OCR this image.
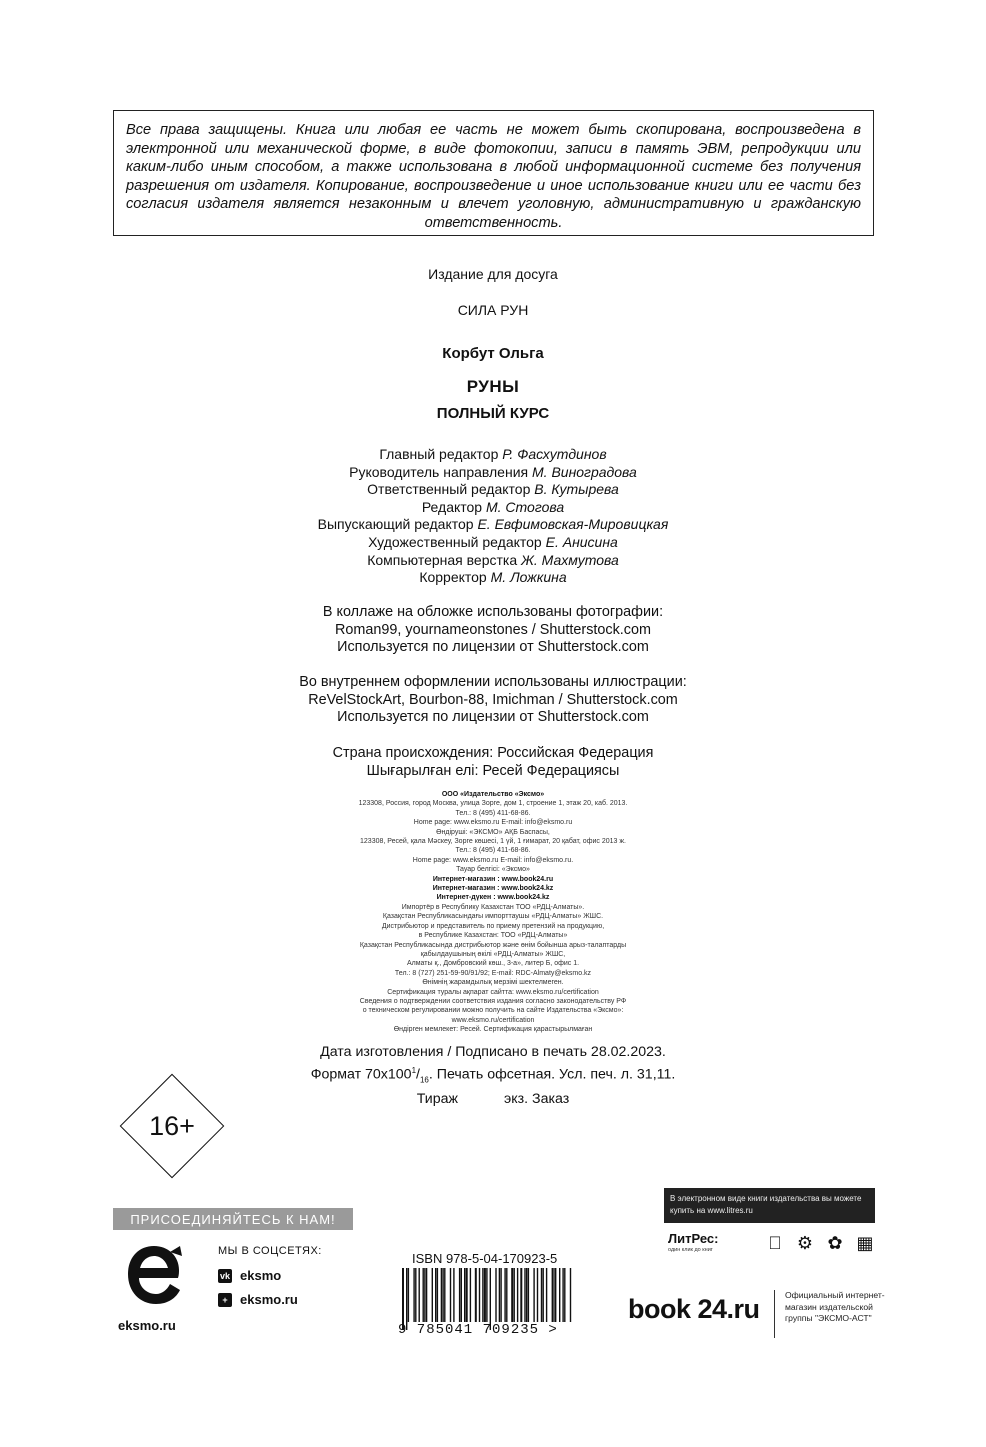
Все права защищены. Книга или любая ее часть не может быть скопирована, воспроизведена в электронной или механической форме, в виде фотокопии, записи в память ЭВМ, репродукции или каким-либо иным способом, а также использована в любой информационной системе без получения разрешения от издателя. Копирование, воспроизведение и иное использование книги или ее части без согласия издателя является незаконным и влечет уголовную, административную и гражданскую ответственность.
Издание для досуга
СИЛА РУН
Корбут Ольга
РУНЫ
ПОЛНЫЙ КУРС
Главный редактор Р. Фасхутдинов
Руководитель направления М. Виноградова
Ответственный редактор В. Кутырева
Редактор М. Стогова
Выпускающий редактор Е. Евфимовская-Мировицкая
Художественный редактор Е. Анисина
Компьютерная верстка Ж. Махмутова
Корректор М. Ложкина
В коллаже на обложке использованы фотографии:
Roman99, yournameonstones / Shutterstock.com
Используется по лицензии от Shutterstock.com
Во внутреннем оформлении использованы иллюстрации:
ReVelStockArt, Bourbon-88, Imichman / Shutterstock.com
Используется по лицензии от Shutterstock.com
Страна происхождения: Российская Федерация
Шығарылған елі: Ресей Федерациясы
ООО «Издательство «Эксмо»
123308, Россия, город Москва, улица Зорге, дом 1, строение 1, этаж 20, каб. 2013.
Тел.: 8 (495) 411-68-86.
Home page: www.eksmo.ru E-mail: info@eksmo.ru
Өндіруші: «ЭКСМО» АҚБ Баспасы,
123308, Ресей, қала Мәскеу, Зорге көшесі, 1 үй, 1 ғимарат, 20 қабат, офис 2013 ж.
Тел.: 8 (495) 411-68-86.
Home page: www.eksmo.ru E-mail: info@eksmo.ru.
Тауар белгісі: «Эксмо»
Интернет-магазин : www.book24.ru
Интернет-магазин : www.book24.kz
Интернет-дүкен : www.book24.kz
Импортёр в Республику Казахстан ТОО «РДЦ-Алматы».
Қазақстан Республикасындағы импорттаушы «РДЦ-Алматы» ЖШС.
Дистрибьютор и представитель по приему претензий на продукцию,
в Республике Казахстан: ТОО «РДЦ-Алматы»
Қазақстан Республикасында дистрибьютор және өнім бойынша арыз-талаптарды
қабылдаушының өкілі «РДЦ-Алматы» ЖШС,
Алматы қ., Домбровский көш., 3-а», литер Б, офис 1.
Тел.: 8 (727) 251-59-90/91/92; E-mail: RDC-Almaty@eksmo.kz
Өнімнің жарамдылық мерзімі шектелмеген.
Сертификация туралы ақпарат сайтта: www.eksmo.ru/certification
Сведения о подтверждении соответствия издания согласно законодательству РФ
о техническом регулировании можно получить на сайте Издательства «Эксмо»:
www.eksmo.ru/certification
Өндірген мемлекет: Ресей. Сертификация қарастырылмаған
Дата изготовления / Подписано в печать 28.02.2023.
Формат $70x100^1/_{16}$. Печать офсетная. Усл. печ. л. 31,11.
Тираж	экз. Заказ
16+
ПРИСОЕДИНЯЙТЕСЬ К НАМ!
eksmo.ru
МЫ В СОЦСЕТЯХ:
vk eksmo
+ eksmo.ru
ISBN 978-5-04-170923-5
9 785041 709235 >
В электронном виде книги издательства вы можете купить на www.litres.ru
ЛитРес:
один клик до книг	⚙ ✿ ▦
book 24.ru	Официальный интернет-магазин издательской группы "ЭКСМО-АСТ"
